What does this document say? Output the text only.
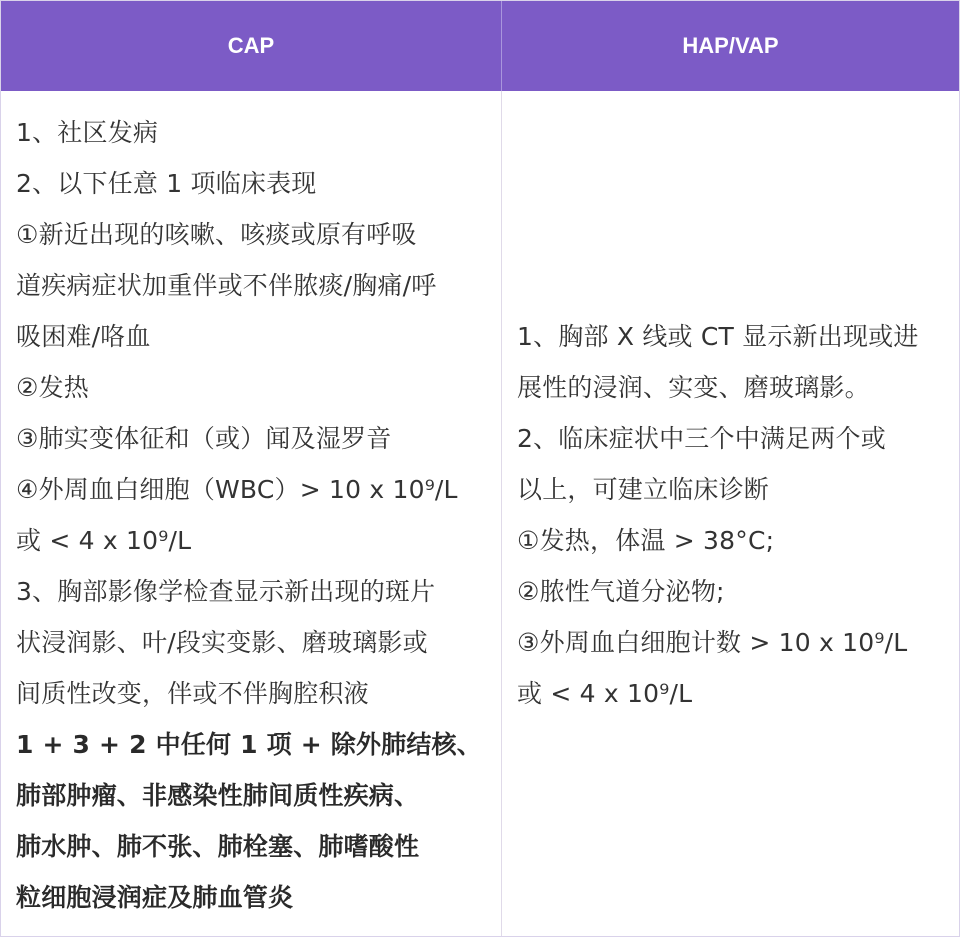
CAP	HAP/VAP
1、社区发病
2、以下任意 1 项临床表现
①新近出现的咳嗽、咳痰或原有呼吸
道疾病症状加重伴或不伴脓痰/胸痛/呼
吸困难/咯血
②发热
③肺实变体征和（或）闻及湿罗音
④外周血白细胞（WBC）> 10 x 10⁹/L
或 < 4 x 10⁹/L
3、胸部影像学检查显示新出现的斑片
状浸润影、叶/段实变影、磨玻璃影或
间质性改变，伴或不伴胸腔积液
1 + 3 + 2 中任何 1 项 + 除外肺结核、
肺部肿瘤、非感染性肺间质性疾病、
肺水肿、肺不张、肺栓塞、肺嗜酸性
粒细胞浸润症及肺血管炎
1、胸部 X 线或 CT 显示新出现或进
展性的浸润、实变、磨玻璃影。
2、临床症状中三个中满足两个或
以上，可建立临床诊断
①发热，体温 > 38°C;
②脓性气道分泌物;
③外周血白细胞计数 > 10 x 10⁹/L
或 < 4 x 10⁹/L
